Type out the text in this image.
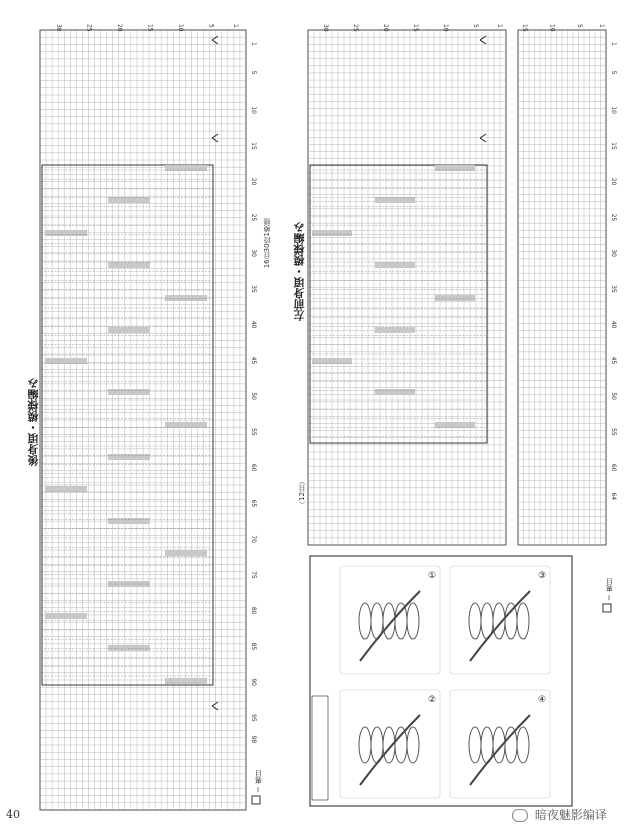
40
後身頃・模様編み
左前身頃・模様編み
＝ 裏目
＝ 裏目
（12目）
16目30段1模様
暗夜魅影编译
1
5
10
15
20
25
30
35
40
45
50
55
60
65
70
75
80
85
90
95
98
1
5
10
15
20
25
30
1
5
10
15
20
25
30
35
40
45
50
55
60
64
1
5
10
15
20
25
30	1
5
10
15
①
②
③
④
